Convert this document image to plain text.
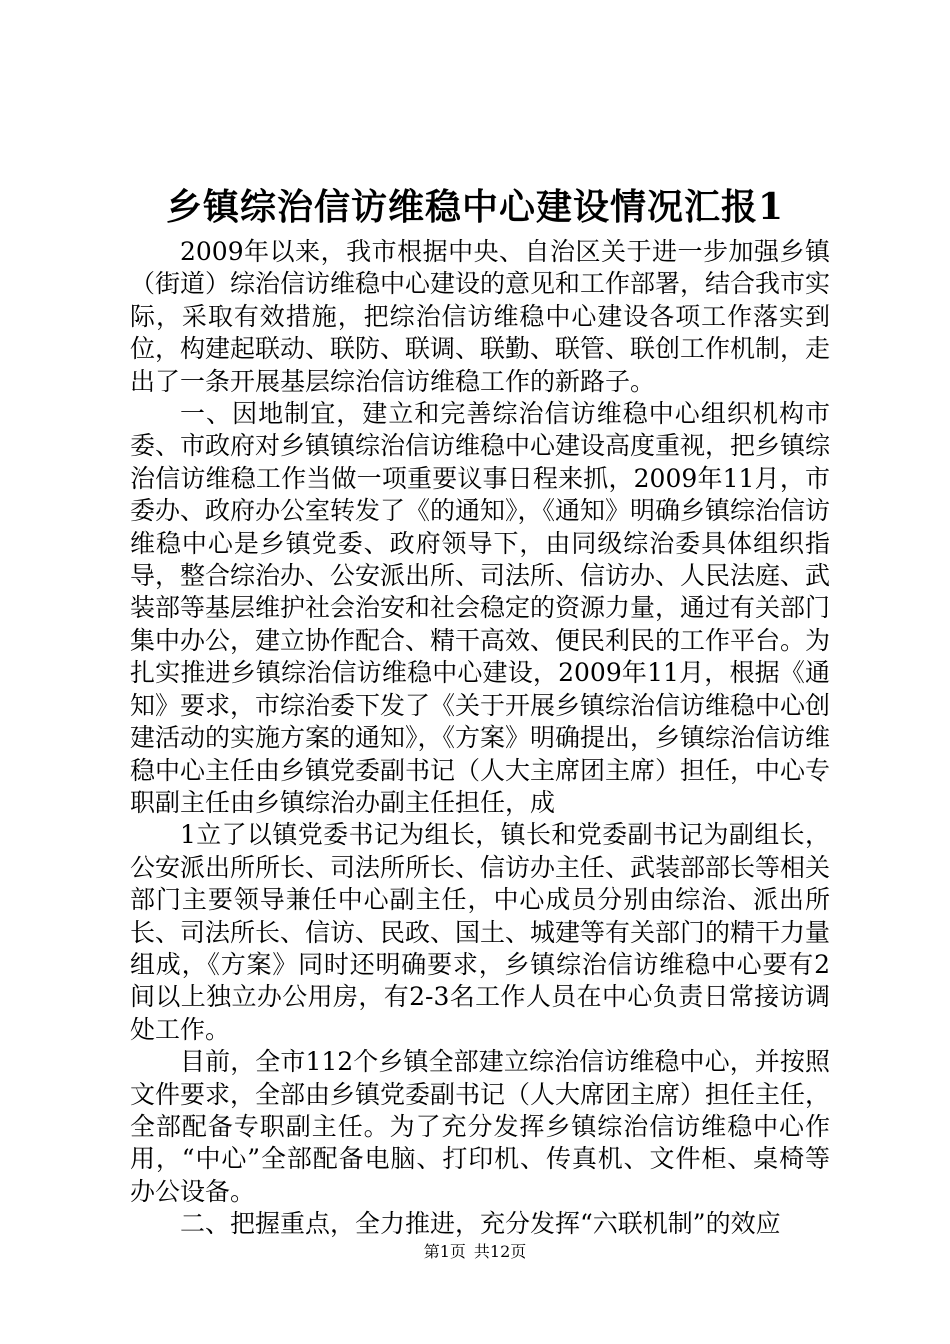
乡镇综治信访维稳中心建设情况汇报1

2009年以来，我市根据中央、自治区关于进一步加强乡镇（街道）综治信访维稳中心建设的意见和工作部署，结合我市实际，采取有效措施，把综治信访维稳中心建设各项工作落实到位，构建起联动、联防、联调、联勤、联管、联创工作机制，走出了一条开展基层综治信访维稳工作的新路子。

一、因地制宜，建立和完善综治信访维稳中心组织机构市委、市政府对乡镇镇综治信访维稳中心建设高度重视，把乡镇综治信访维稳工作当做一项重要议事日程来抓，2009年11月，市委办、政府办公室转发了《的通知》，《通知》明确乡镇综治信访维稳中心是乡镇党委、政府领导下，由同级综治委具体组织指导，整合综治办、公安派出所、司法所、信访办、人民法庭、武装部等基层维护社会治安和社会稳定的资源力量，通过有关部门集中办公，建立协作配合、精干高效、便民利民的工作平台。为扎实推进乡镇综治信访维稳中心建设，2009年11月，根据《通知》要求，市综治委下发了《关于开展乡镇综治信访维稳中心创建活动的实施方案的通知》，《方案》明确提出，乡镇综治信访维稳中心主任由乡镇党委副书记（人大主席团主席）担任，中心专职副主任由乡镇综治办副主任担任，成

1立了以镇党委书记为组长，镇长和党委副书记为副组长，公安派出所所长、司法所所长、信访办主任、武装部部长等相关部门主要领导兼任中心副主任，中心成员分别由综治、派出所长、司法所长、信访、民政、国土、城建等有关部门的精干力量组成，《方案》同时还明确要求，乡镇综治信访维稳中心要有2间以上独立办公用房，有2-3名工作人员在中心负责日常接访调处工作。

目前，全市112个乡镇全部建立综治信访维稳中心，并按照文件要求，全部由乡镇党委副书记（人大席团主席）担任主任，全部配备专职副主任。为了充分发挥乡镇综治信访维稳中心作用，“中心”全部配备电脑、打印机、传真机、文件柜、桌椅等办公设备。

二、把握重点，全力推进，充分发挥“六联机制”的效应

第1页 共12页
